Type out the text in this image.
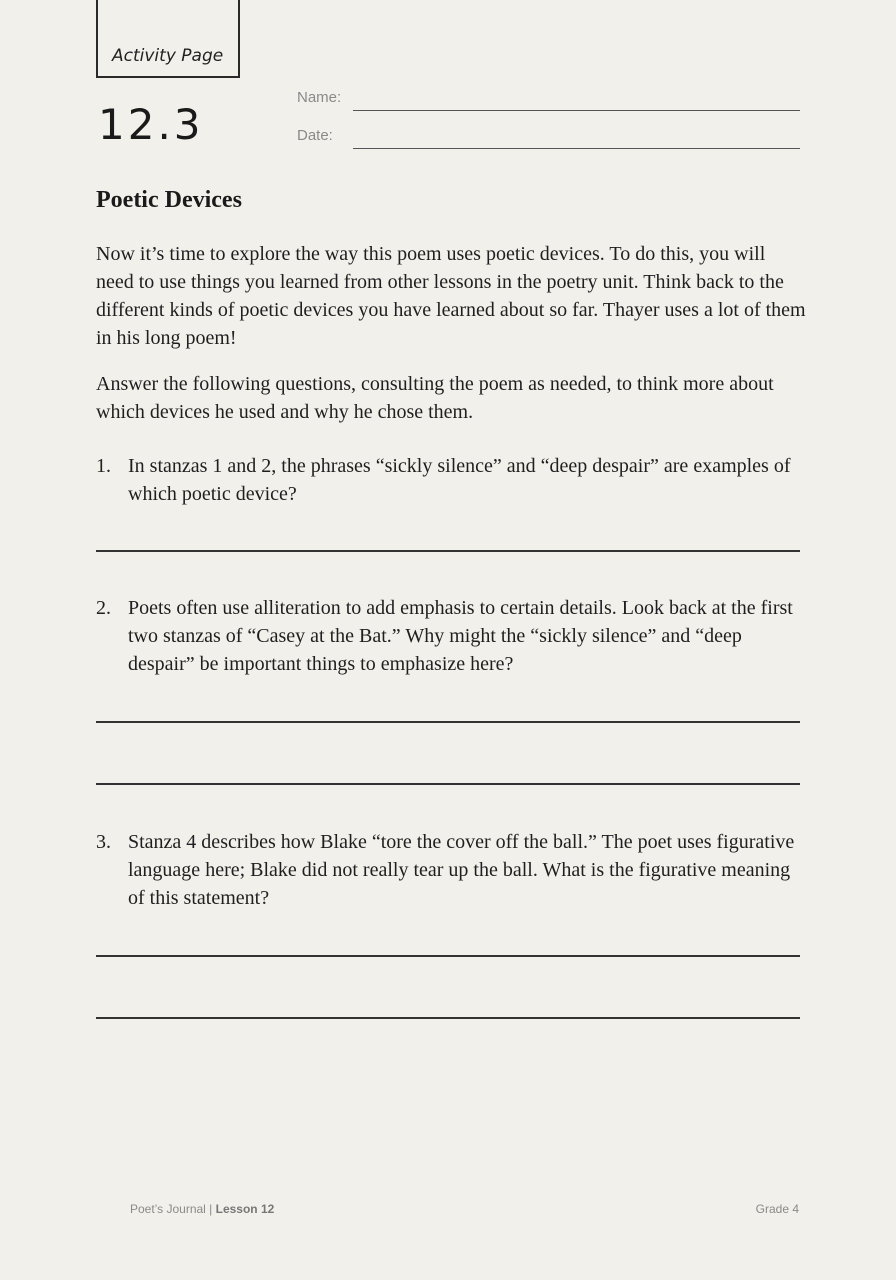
Activity Page
12.3
Name:
Date:
Poetic Devices

Now it’s time to explore the way this poem uses poetic devices. To do this, you will need to use things you learned from other lessons in the poetry unit. Think back to the different kinds of poetic devices you have learned about so far. Thayer uses a lot of them in his long poem!

Answer the following questions, consulting the poem as needed, to think more about which devices he used and why he chose them.

1. In stanzas 1 and 2, the phrases “sickly silence” and “deep despair” are examples of which poetic device?

2. Poets often use alliteration to add emphasis to certain details. Look back at the first two stanzas of “Casey at the Bat.” Why might the “sickly silence” and “deep despair” be important things to emphasize here?

3. Stanza 4 describes how Blake “tore the cover off the ball.” The poet uses figurative language here; Blake did not really tear up the ball. What is the figurative meaning of this statement?

Poet’s Journal | Lesson 12	Grade 4
